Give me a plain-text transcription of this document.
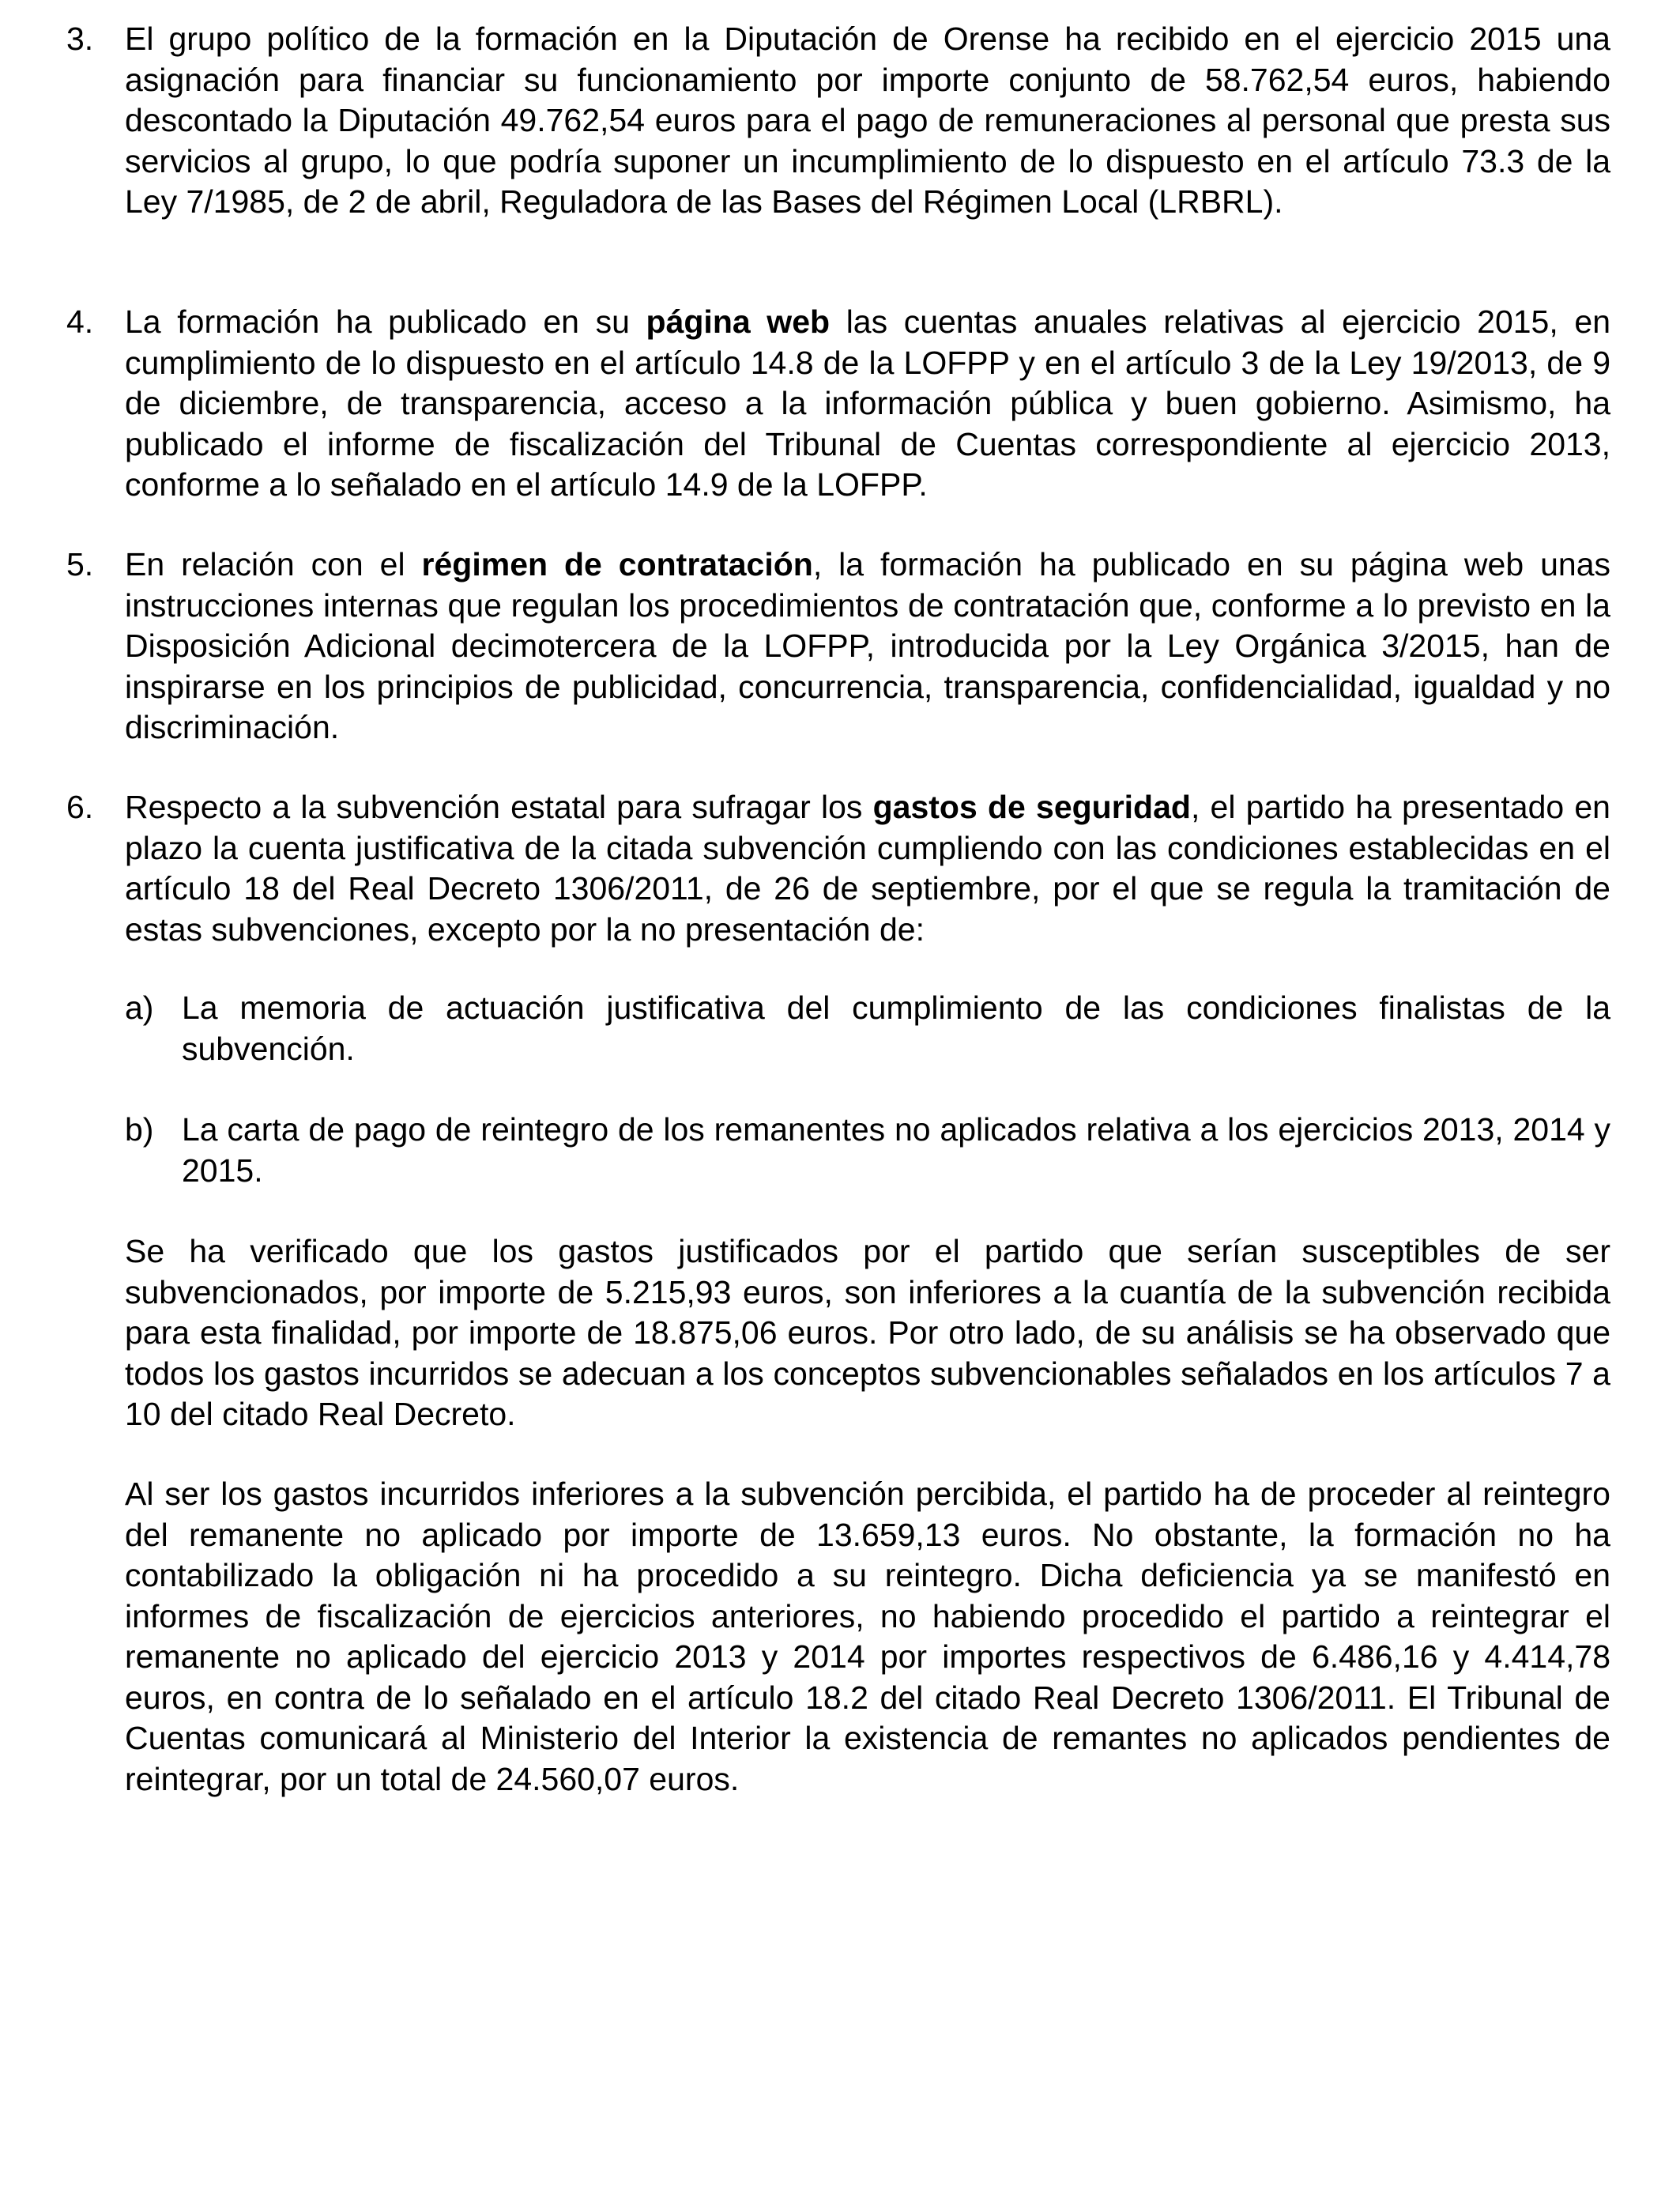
3. El grupo político de la formación en la Diputación de Orense ha recibido en el ejercicio 2015 una asignación para financiar su funcionamiento por importe conjunto de 58.762,54 euros, habiendo descontado la Diputación 49.762,54 euros para el pago de remuneraciones al personal que presta sus servicios al grupo, lo que podría suponer un incumplimiento de lo dispuesto en el artículo 73.3 de la Ley 7/1985, de 2 de abril, Reguladora de las Bases del Régimen Local (LRBRL).
4. La formación ha publicado en su página web las cuentas anuales relativas al ejercicio 2015, en cumplimiento de lo dispuesto en el artículo 14.8 de la LOFPP y en el artículo 3 de la Ley 19/2013, de 9 de diciembre, de transparencia, acceso a la información pública y buen gobierno. Asimismo, ha publicado el informe de fiscalización del Tribunal de Cuentas correspondiente al ejercicio 2013, conforme a lo señalado en el artículo 14.9 de la LOFPP.
5. En relación con el régimen de contratación, la formación ha publicado en su página web unas instrucciones internas que regulan los procedimientos de contratación que, conforme a lo previsto en la Disposición Adicional decimotercera de la LOFPP, introducida por la Ley Orgánica 3/2015, han de inspirarse en los principios de publicidad, concurrencia, transparencia, confidencialidad, igualdad y no discriminación.
6. Respecto a la subvención estatal para sufragar los gastos de seguridad, el partido ha presentado en plazo la cuenta justificativa de la citada subvención cumpliendo con las condiciones establecidas en el artículo 18 del Real Decreto 1306/2011, de 26 de septiembre, por el que se regula la tramitación de estas subvenciones, excepto por la no presentación de:
a) La memoria de actuación justificativa del cumplimiento de las condiciones finalistas de la subvención.
b) La carta de pago de reintegro de los remanentes no aplicados relativa a los ejercicios 2013, 2014 y 2015.
Se ha verificado que los gastos justificados por el partido que serían susceptibles de ser subvencionados, por importe de 5.215,93 euros, son inferiores a la cuantía de la subvención recibida para esta finalidad, por importe de 18.875,06 euros. Por otro lado, de su análisis se ha observado que todos los gastos incurridos se adecuan a los conceptos subvencionables señalados en los artículos 7 a 10 del citado Real Decreto.
Al ser los gastos incurridos inferiores a la subvención percibida, el partido ha de proceder al reintegro del remanente no aplicado por importe de 13.659,13 euros. No obstante, la formación no ha contabilizado la obligación ni ha procedido a su reintegro. Dicha deficiencia ya se manifestó en informes de fiscalización de ejercicios anteriores, no habiendo procedido el partido a reintegrar el remanente no aplicado del ejercicio 2013 y 2014 por importes respectivos de 6.486,16 y 4.414,78 euros, en contra de lo señalado en el artículo 18.2 del citado Real Decreto 1306/2011. El Tribunal de Cuentas comunicará al Ministerio del Interior la existencia de remantes no aplicados pendientes de reintegrar, por un total de 24.560,07 euros.
